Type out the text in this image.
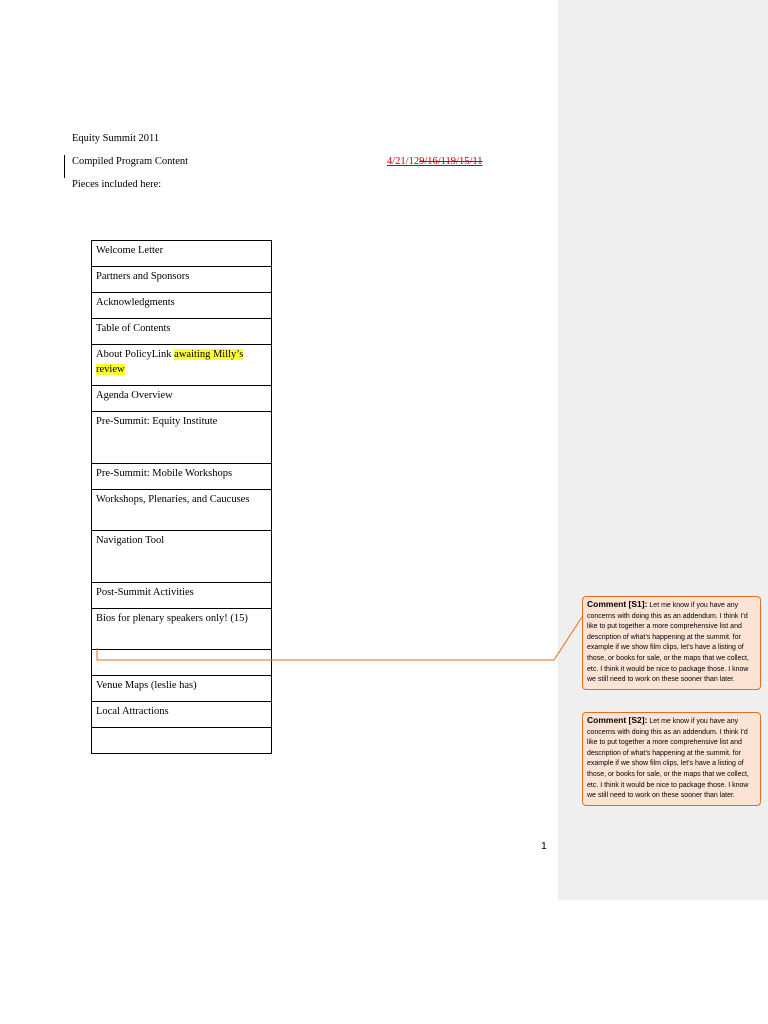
Equity Summit 2011
Compiled Program Content	4/21/129/16/119/15/11
Pieces included here:
Welcome Letter
Partners and Sponsors
Acknowledgments
Table of Contents
About PolicyLink awaiting Milly’s review
Agenda Overview
Pre-Summit: Equity Institute
Pre-Summit: Mobile Workshops
Workshops, Plenaries, and Caucuses
Navigation Tool
Post-Summit Activities
Bios for plenary speakers only! (15)

Venue Maps (leslie has)
Local Attractions

1
Comment [S1]: Let me know if you have any concerns with doing this as an addendum. I think I’d like to put together a more comprehensive list and description of what’s happening at the summit. for example if we show film clips, let’s have a listing of those, or books for sale, or the maps that we collect, etc. I think it would be nice to package those. I know we still need to work on these sooner than later.
Comment [S2]: Let me know if you have any concerns with doing this as an addendum. I think I’d like to put together a more comprehensive list and description of what’s happening at the summit. for example if we show film clips, let’s have a listing of those, or books for sale, or the maps that we collect, etc. I think it would be nice to package those. I know we still need to work on these sooner than later.
